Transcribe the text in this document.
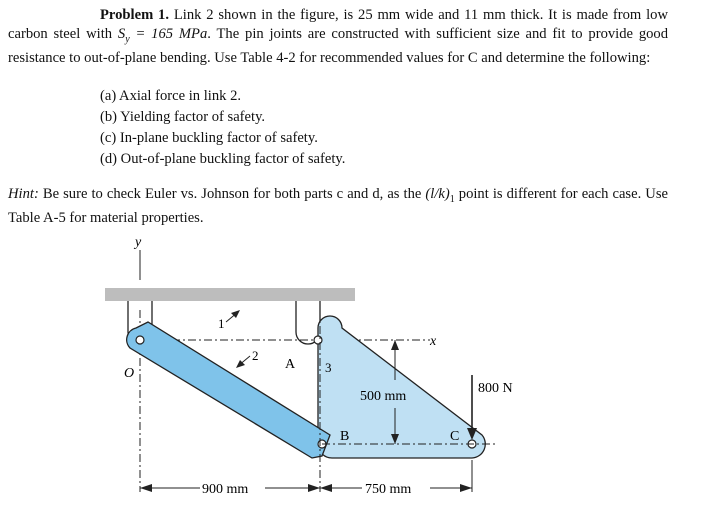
Problem 1. Link 2 shown in the figure, is 25 mm wide and 11 mm thick. It is made from low carbon steel with $S_y = 165$ MPa. The pin joints are constructed with sufficient size and fit to provide good resistance to out-of-plane bending. Use Table 4-2 for recommended values for C and determine the following:
(a) Axial force in link 2.
(b) Yielding factor of safety.
(c) In-plane buckling factor of safety.
(d) Out-of-plane buckling factor of safety.
Hint: Be sure to check Euler vs. Johnson for both parts c and d, as the $(l/k)_1$ point is different for each case. Use Table A-5 for material properties.
y
x
O
A
B	C
1
2
3
500 mm
900 mm	750 mm
800 N
